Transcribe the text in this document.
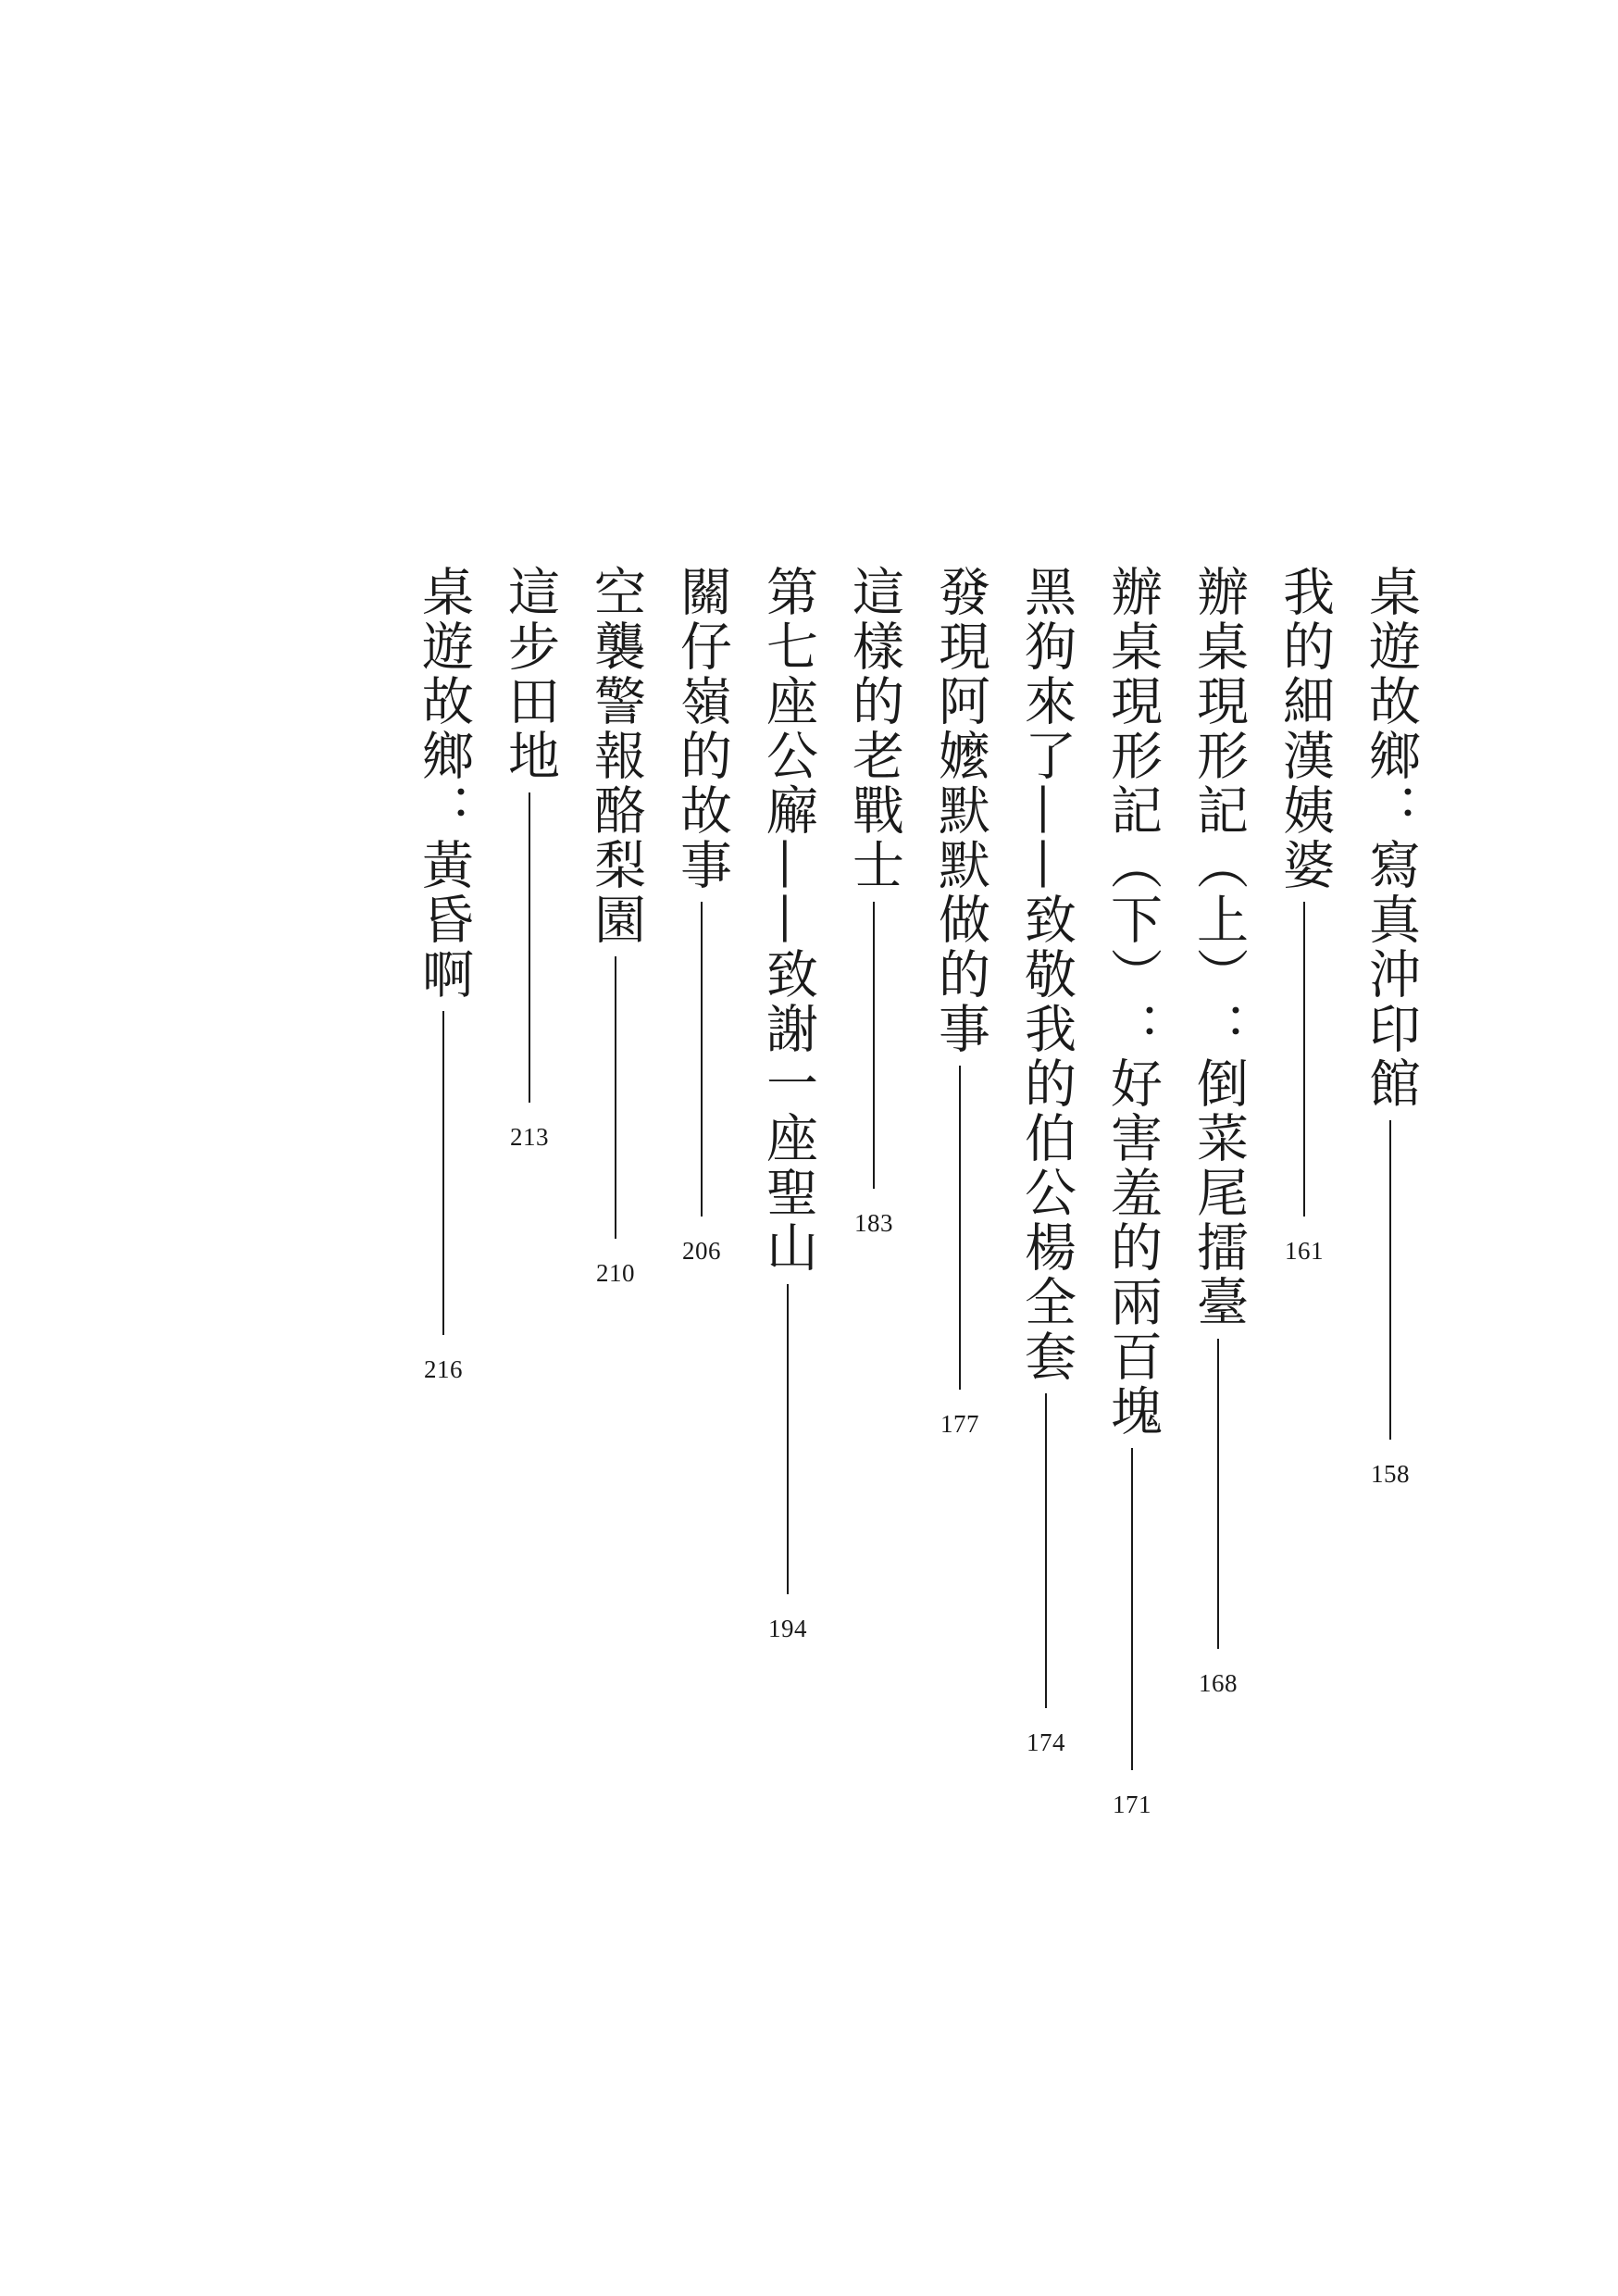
桌遊故鄉：寫真沖印館
158
我的細漢姨婆
161
辦桌現形記（上）：倒菜尾擂臺
168
辦桌現形記（下）：好害羞的兩百塊
171
黑狗來了——致敬我的伯公楊全套
174
發現阿嬤默默做的事
177
這樣的老戰士
183
第七座公廨——致謝一座聖山
194
關仔嶺的故事
206
空襲警報酪梨園
210
這步田地
213
桌遊故鄉：黃昏啊
216
